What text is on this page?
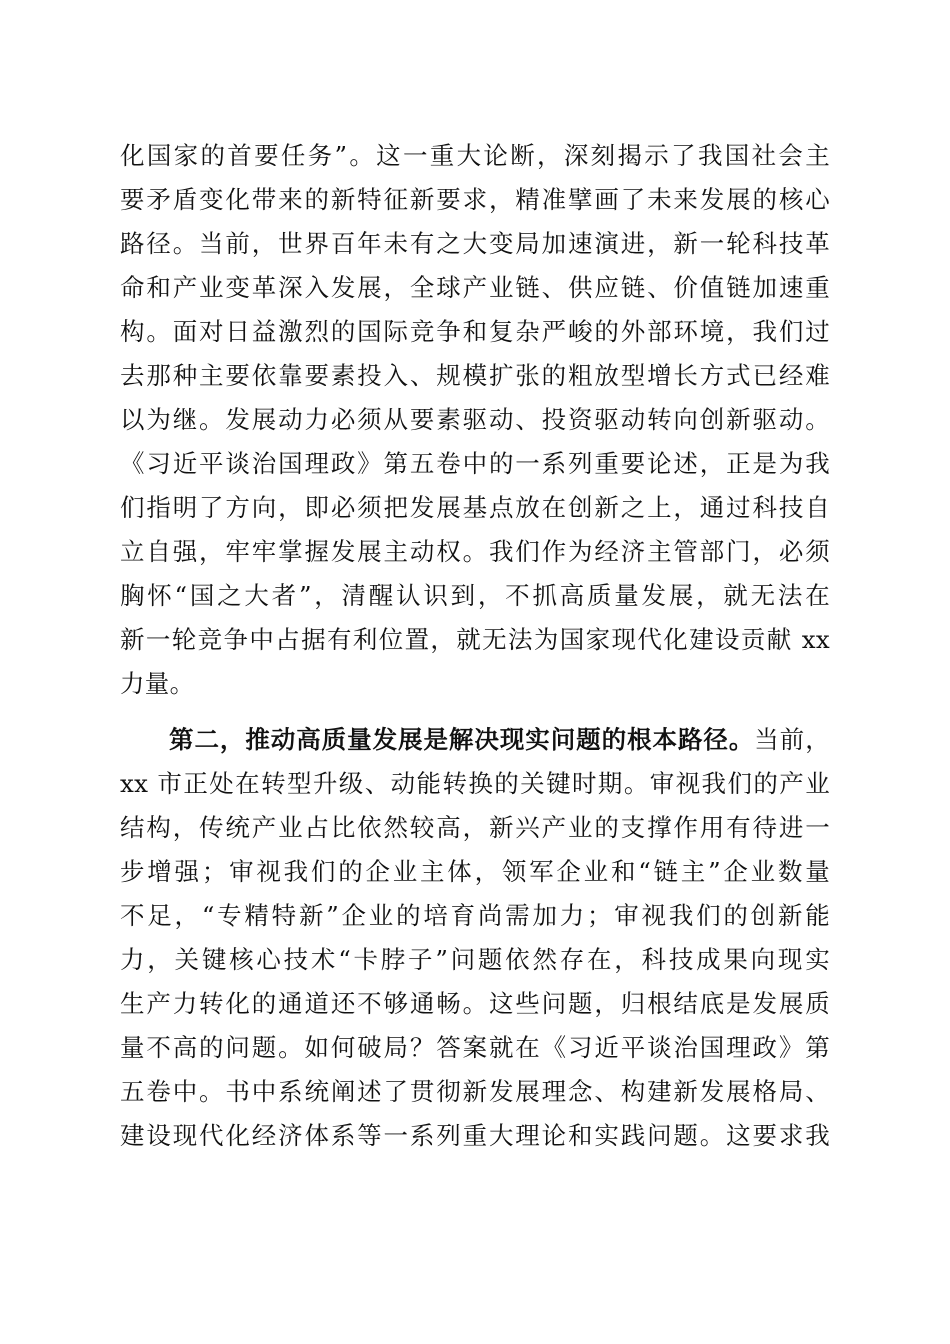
化国家的首要任务”。这一重大论断，深刻揭示了我国社会主
要矛盾变化带来的新特征新要求，精准擘画了未来发展的核心
路径。当前，世界百年未有之大变局加速演进，新一轮科技革
命和产业变革深入发展，全球产业链、供应链、价值链加速重
构。面对日益激烈的国际竞争和复杂严峻的外部环境，我们过
去那种主要依靠要素投入、规模扩张的粗放型增长方式已经难
以为继。发展动力必须从要素驱动、投资驱动转向创新驱动。
《习近平谈治国理政》第五卷中的一系列重要论述，正是为我
们指明了方向，即必须把发展基点放在创新之上，通过科技自
立自强，牢牢掌握发展主动权。我们作为经济主管部门，必须
胸怀“国之大者”，清醒认识到，不抓高质量发展，就无法在
新一轮竞争中占据有利位置，就无法为国家现代化建设贡献 xx
力量。
第二，推动高质量发展是解决现实问题的根本路径。当前，
xx 市正处在转型升级、动能转换的关键时期。审视我们的产业
结构，传统产业占比依然较高，新兴产业的支撑作用有待进一
步增强；审视我们的企业主体，领军企业和“链主”企业数量
不足，“专精特新”企业的培育尚需加力；审视我们的创新能
力，关键核心技术“卡脖子”问题依然存在，科技成果向现实
生产力转化的通道还不够通畅。这些问题，归根结底是发展质
量不高的问题。如何破局？答案就在《习近平谈治国理政》第
五卷中。书中系统阐述了贯彻新发展理念、构建新发展格局、
建设现代化经济体系等一系列重大理论和实践问题。这要求我
